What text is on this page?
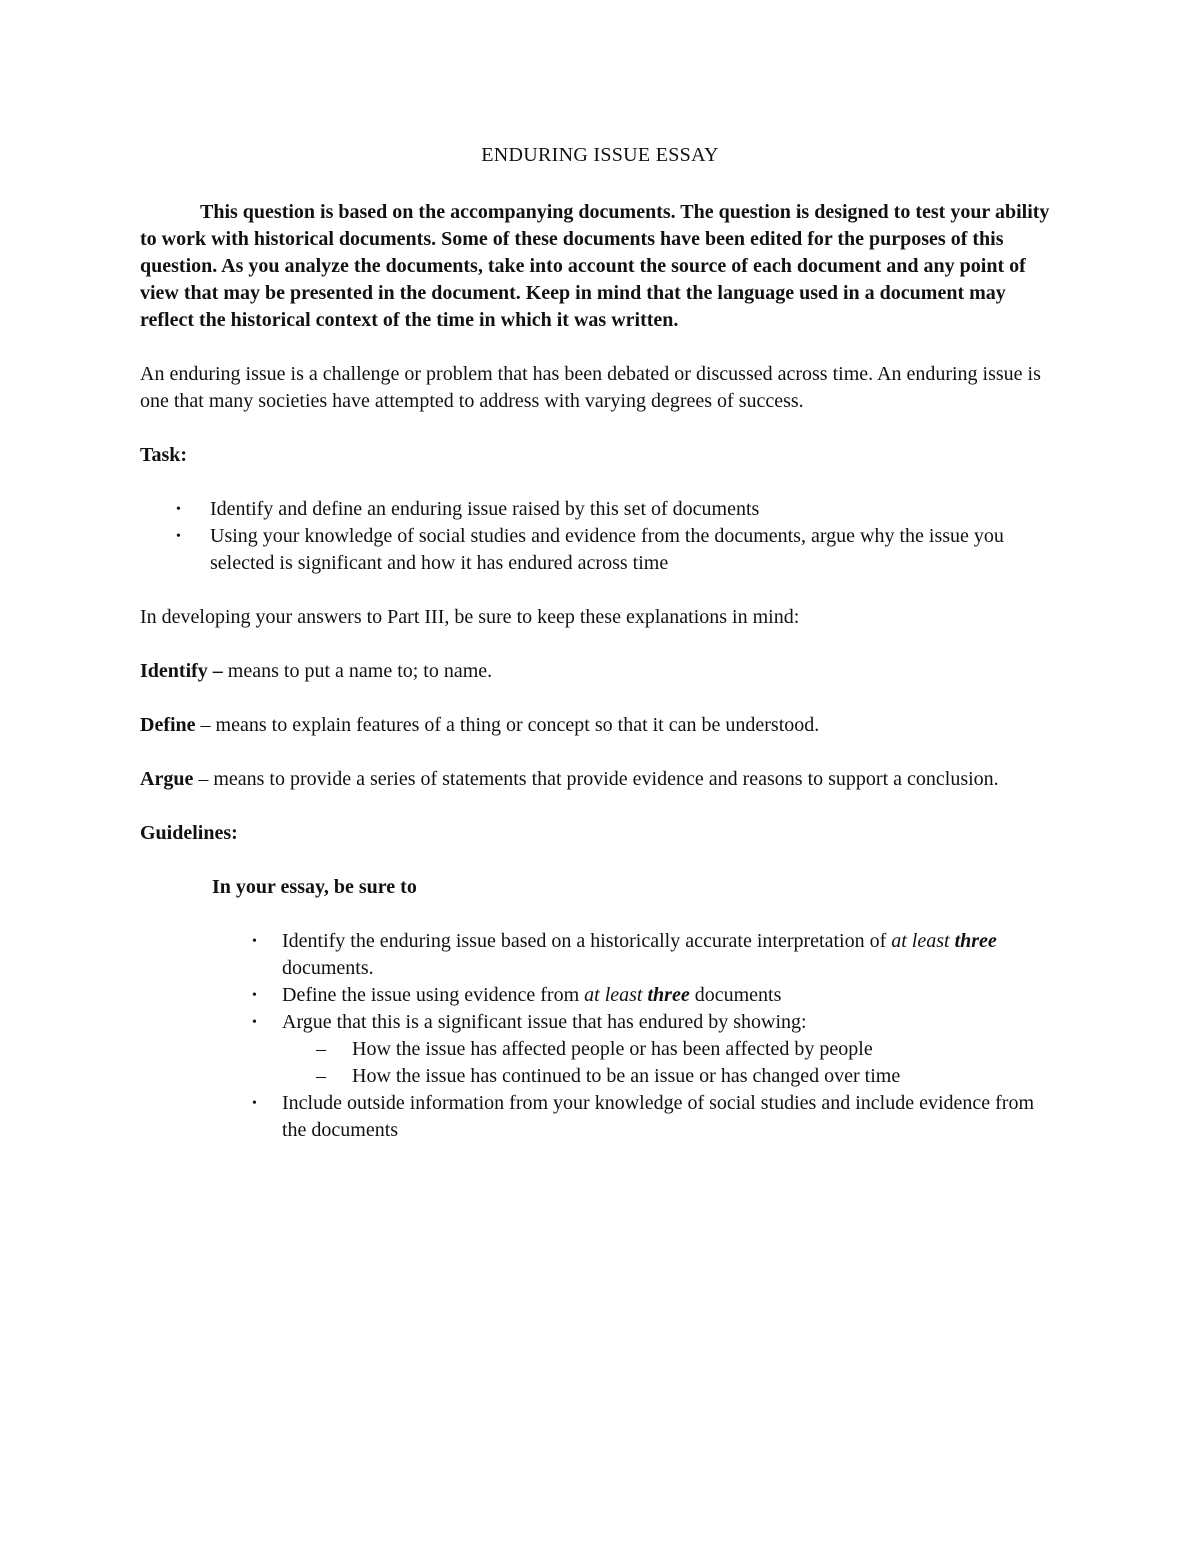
ENDURING ISSUE ESSAY

This question is based on the accompanying documents. The question is designed to test your ability to work with historical documents. Some of these documents have been edited for the purposes of this question. As you analyze the documents, take into account the source of each document and any point of view that may be presented in the document. Keep in mind that the language used in a document may reflect the historical context of the time in which it was written.

An enduring issue is a challenge or problem that has been debated or discussed across time. An enduring issue is one that many societies have attempted to address with varying degrees of success.

Task:
• Identify and define an enduring issue raised by this set of documents
• Using your knowledge of social studies and evidence from the documents, argue why the issue you selected is significant and how it has endured across time

In developing your answers to Part III, be sure to keep these explanations in mind:

Identify – means to put a name to; to name.

Define – means to explain features of a thing or concept so that it can be understood.

Argue – means to provide a series of statements that provide evidence and reasons to support a conclusion.

Guidelines:
In your essay, be sure to
• Identify the enduring issue based on a historically accurate interpretation of at least three documents.
• Define the issue using evidence from at least three documents
• Argue that this is a significant issue that has endured by showing:
– How the issue has affected people or has been affected by people
– How the issue has continued to be an issue or has changed over time
• Include outside information from your knowledge of social studies and include evidence from the documents
